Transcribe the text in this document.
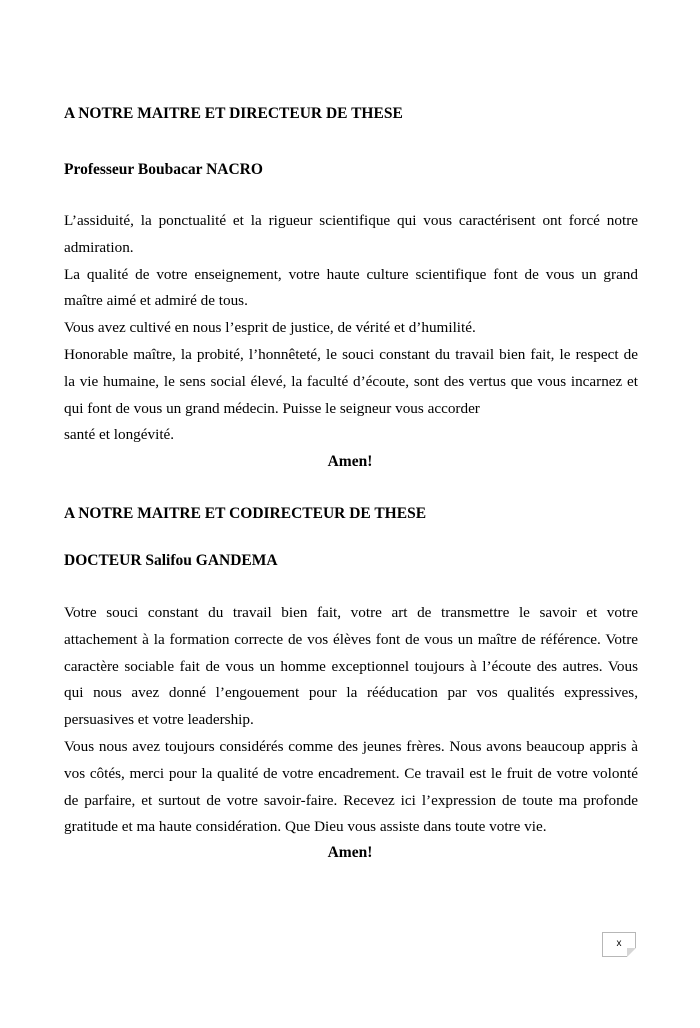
A NOTRE MAITRE ET DIRECTEUR DE THESE
Professeur Boubacar NACRO
L’assiduité, la ponctualité et la rigueur scientifique qui vous caractérisent ont forcé notre
admiration.
La qualité de votre enseignement, votre haute culture scientifique font de vous un grand
maître aimé et admiré de tous.
Vous avez cultivé en nous l’esprit de justice, de vérité et d’humilité.
Honorable maître, la probité, l’honnêteté, le souci constant du travail bien fait, le respect de
la vie humaine, le sens social élevé, la faculté d’écoute, sont des vertus que vous incarnez et
qui font de vous un grand médecin. Puisse le seigneur vous accorder
santé et longévité.
Amen!
A NOTRE MAITRE ET CODIRECTEUR DE THESE
DOCTEUR Salifou GANDEMA
Votre souci constant du travail bien fait, votre art de transmettre le savoir et votre
attachement à la formation correcte de vos élèves font de vous un maître de référence. Votre
caractère sociable fait de vous un homme exceptionnel toujours à l’écoute des autres. Vous
qui nous avez donné l’engouement pour la rééducation par vos qualités expressives,
persuasives et votre leadership.
Vous nous avez toujours considérés comme des jeunes frères. Nous avons beaucoup appris à
vos côtés, merci pour la qualité de votre encadrement. Ce travail est le fruit de votre volonté
de parfaire, et surtout de votre savoir-faire. Recevez ici l’expression de toute ma profonde
gratitude et ma haute considération. Que Dieu vous assiste dans toute votre vie.
Amen!
x
